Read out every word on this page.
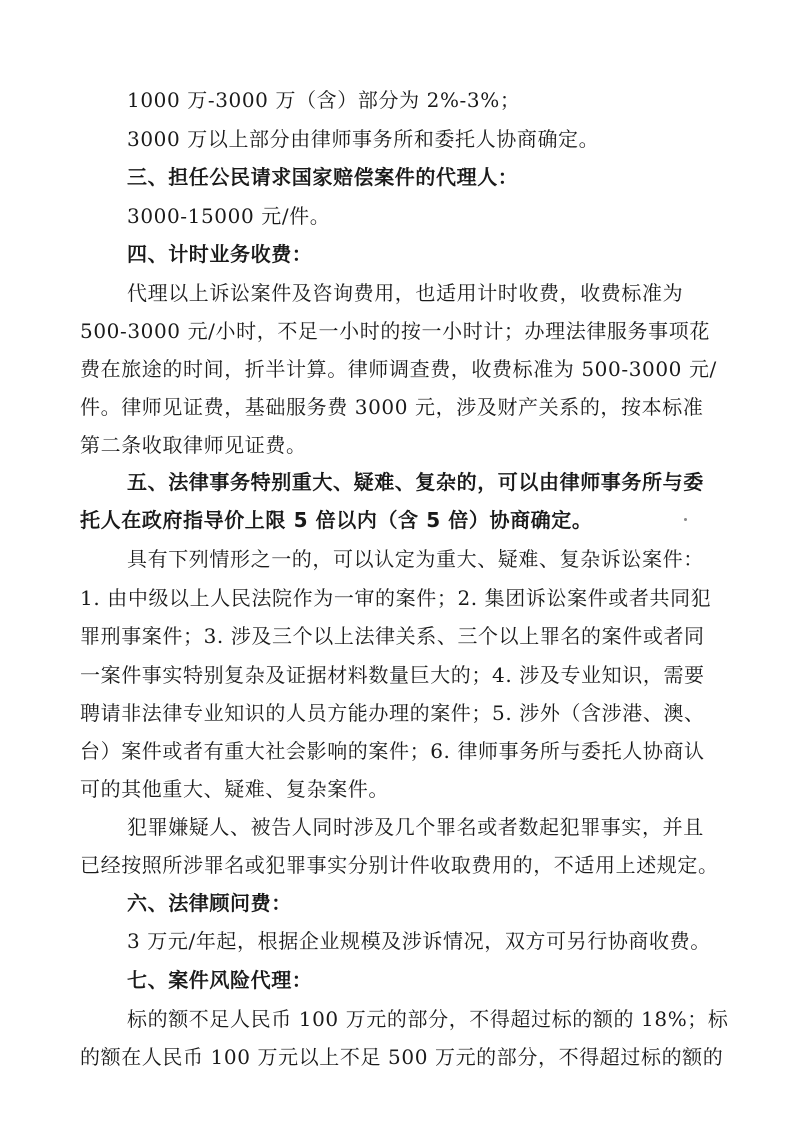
1000 万-3000 万（含）部分为 2%-3%；
3000 万以上部分由律师事务所和委托人协商确定。
三、担任公民请求国家赔偿案件的代理人：
3000-15000 元/件。
四、计时业务收费：
代理以上诉讼案件及咨询费用，也适用计时收费，收费标准为
500-3000 元/小时，不足一小时的按一小时计；办理法律服务事项花
费在旅途的时间，折半计算。律师调查费，收费标准为 500-3000 元/
件。律师见证费，基础服务费 3000 元，涉及财产关系的，按本标准
第二条收取律师见证费。
五、法律事务特别重大、疑难、复杂的，可以由律师事务所与委
托人在政府指导价上限 5 倍以内（含 5 倍）协商确定。
具有下列情形之一的，可以认定为重大、疑难、复杂诉讼案件：
1. 由中级以上人民法院作为一审的案件；2. 集团诉讼案件或者共同犯
罪刑事案件；3. 涉及三个以上法律关系、三个以上罪名的案件或者同
一案件事实特别复杂及证据材料数量巨大的；4. 涉及专业知识，需要
聘请非法律专业知识的人员方能办理的案件；5. 涉外（含涉港、澳、
台）案件或者有重大社会影响的案件；6. 律师事务所与委托人协商认
可的其他重大、疑难、复杂案件。
犯罪嫌疑人、被告人同时涉及几个罪名或者数起犯罪事实，并且
已经按照所涉罪名或犯罪事实分别计件收取费用的，不适用上述规定。
六、法律顾问费：
3 万元/年起，根据企业规模及涉诉情况，双方可另行协商收费。
七、案件风险代理：
标的额不足人民币 100 万元的部分，不得超过标的额的 18%；标
的额在人民币 100 万元以上不足 500 万元的部分，不得超过标的额的
